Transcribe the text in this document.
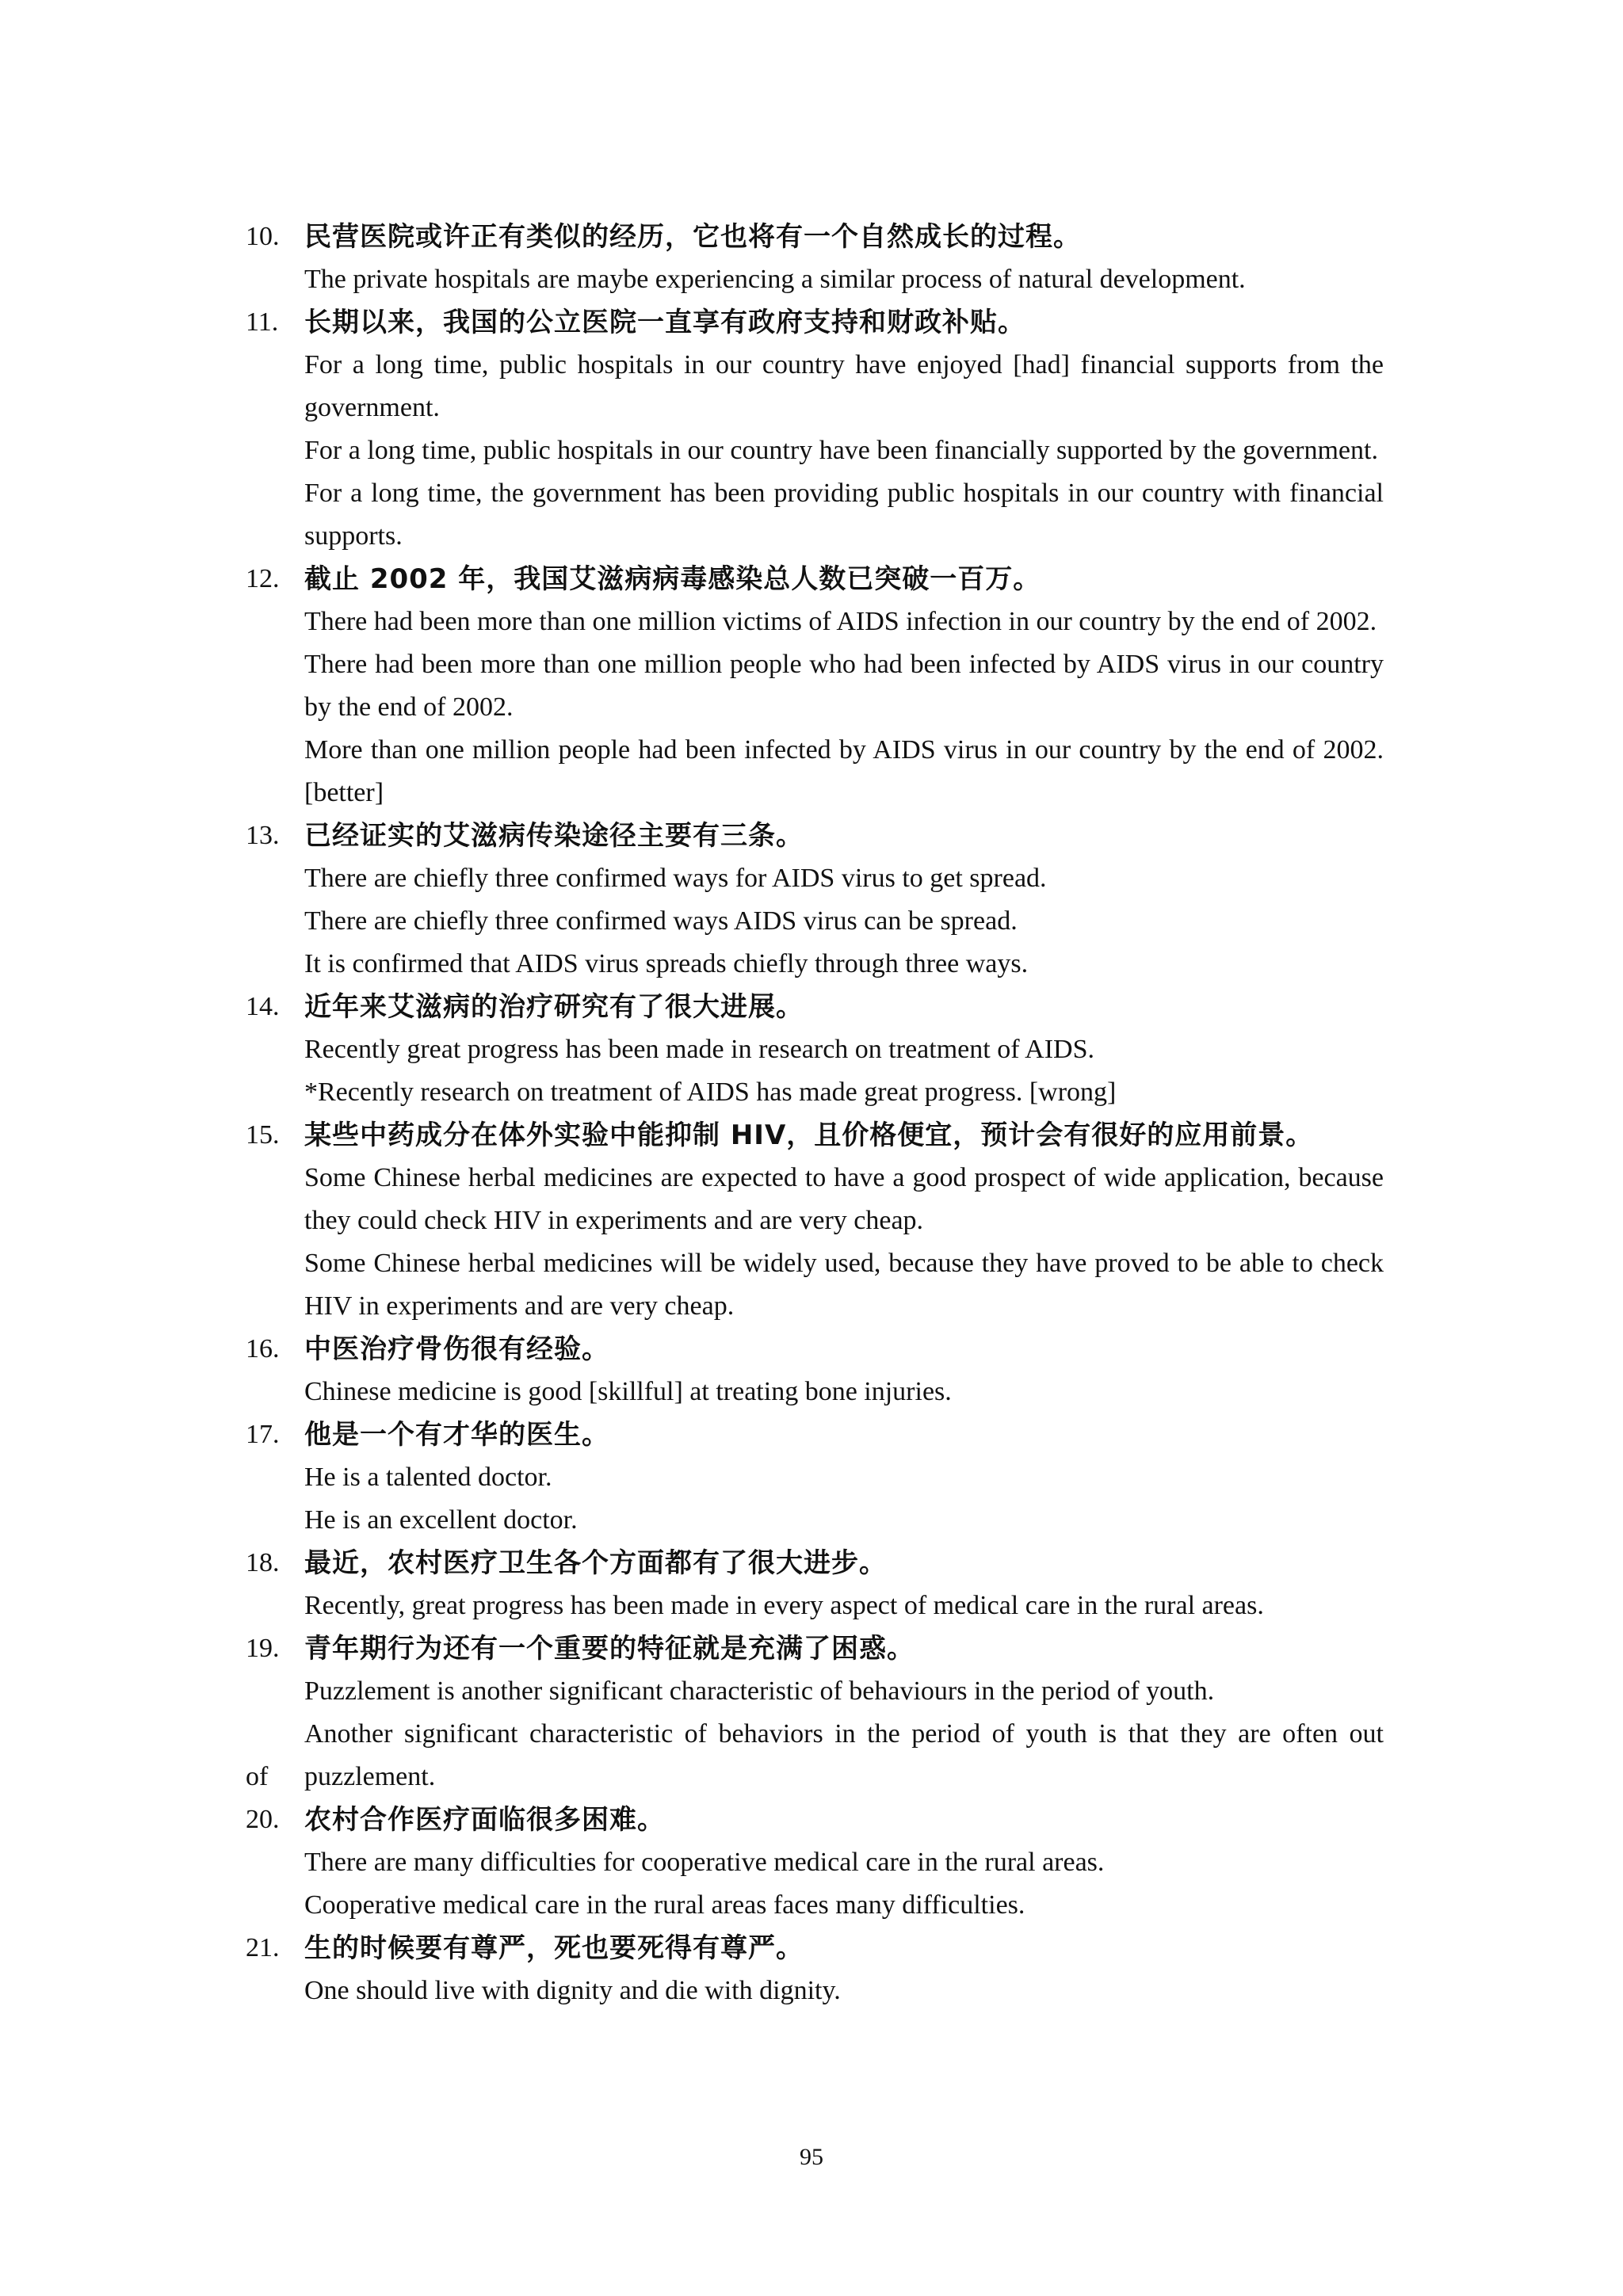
10. 民营医院或许正有类似的经历，它也将有一个自然成长的过程。
The private hospitals are maybe experiencing a similar process of natural development.
11. 长期以来，我国的公立医院一直享有政府支持和财政补贴。
For a long time, public hospitals in our country have enjoyed [had] financial supports from the government.
For a long time, public hospitals in our country have been financially supported by the government.
For a long time, the government has been providing public hospitals in our country with financial supports.
12. 截止 2002 年，我国艾滋病病毒感染总人数已突破一百万。
There had been more than one million victims of AIDS infection in our country by the end of 2002.
There had been more than one million people who had been infected by AIDS virus in our country by the end of 2002.
More than one million people had been infected by AIDS virus in our country by the end of 2002. [better]
13. 已经证实的艾滋病传染途径主要有三条。
There are chiefly three confirmed ways for AIDS virus to get spread.
There are chiefly three confirmed ways AIDS virus can be spread.
It is confirmed that AIDS virus spreads chiefly through three ways.
14. 近年来艾滋病的治疗研究有了很大进展。
Recently great progress has been made in research on treatment of AIDS.
*Recently research on treatment of AIDS has made great progress. [wrong]
15. 某些中药成分在体外实验中能抑制 HIV，且价格便宜，预计会有很好的应用前景。
Some Chinese herbal medicines are expected to have a good prospect of wide application, because they could check HIV in experiments and are very cheap.
Some Chinese herbal medicines will be widely used, because they have proved to be able to check HIV in experiments and are very cheap.
16. 中医治疗骨伤很有经验。
Chinese medicine is good [skillful] at treating bone injuries.
17. 他是一个有才华的医生。
He is a talented doctor.
He is an excellent doctor.
18. 最近，农村医疗卫生各个方面都有了很大进步。
Recently, great progress has been made in every aspect of medical care in the rural areas.
19. 青年期行为还有一个重要的特征就是充满了困惑。
Puzzlement is another significant characteristic of behaviours in the period of youth.
Another significant characteristic of behaviors in the period of youth is that they are often out
of puzzlement.
20. 农村合作医疗面临很多困难。
There are many difficulties for cooperative medical care in the rural areas.
Cooperative medical care in the rural areas faces many difficulties.
21. 生的时候要有尊严，死也要死得有尊严。
One should live with dignity and die with dignity.
95
